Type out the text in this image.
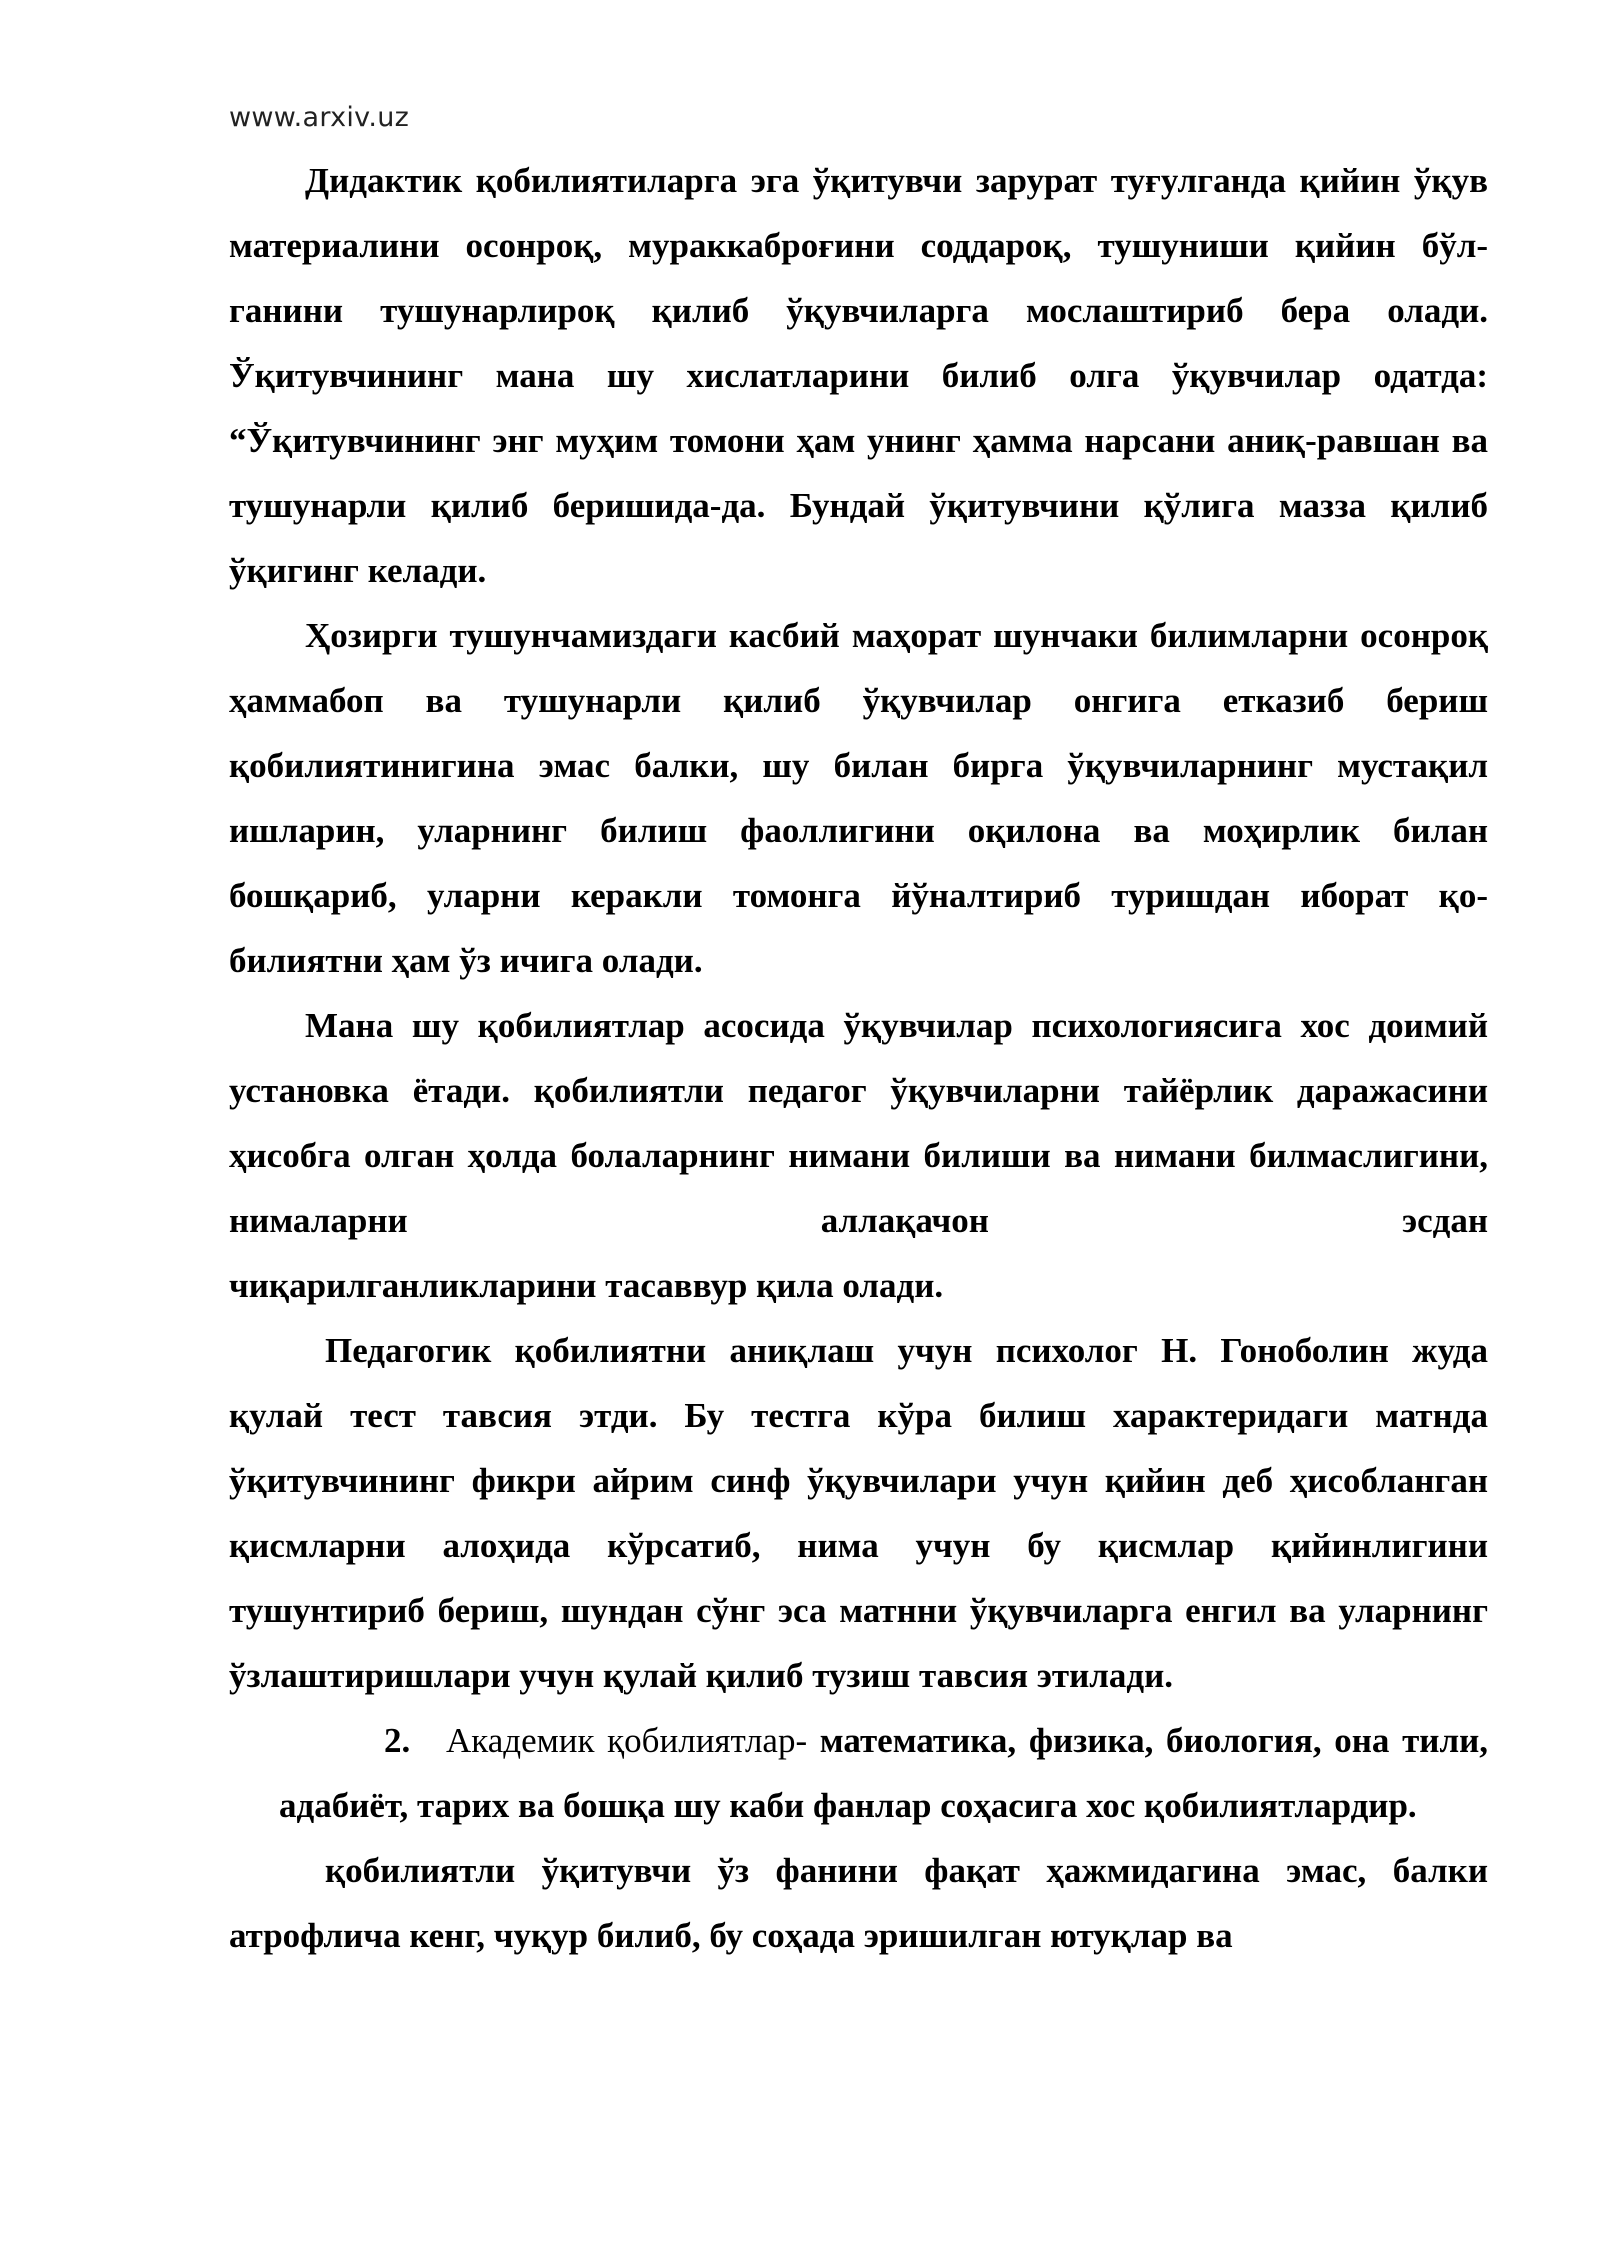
www.arxiv.uz

Дидактик қобилиятиларга эга ўқитувчи зарурат туғулганда қийин ўқув материалини осонроқ, мураккаброғини соддароқ, тушуниши қийин бўл-ганини тушунарлироқ қилиб ўқувчиларга мослаштириб бера олади. Ўқитувчининг мана шу хислатларини билиб олга ўқувчилар одатда: “Ўқитувчининг энг муҳим томони ҳам унинг ҳамма нарсани аниқ-равшан ва тушунарли қилиб беришида-да. Бундай ўқитувчини қўлига мазза қилиб ўқигинг келади.

Ҳозирги тушунчамиздаги касбий маҳорат шунчаки билимларни осонроқ ҳаммабоп ва тушунарли қилиб ўқувчилар онгига етказиб бериш қобилиятинигина эмас балки, шу билан бирга ўқувчиларнинг мустақил ишларин, уларнинг билиш фаоллигини оқилона ва моҳирлик билан бошқариб, уларни керакли томонга йўналтириб туришдан иборат қо-билиятни ҳам ўз ичига олади.

Мана шу қобилиятлар асосида ўқувчилар психологиясига хос доимий установка ётади. қобилиятли педагог ўқувчиларни тайёрлик даражасини ҳисобга олган ҳолда болаларнинг нимани билиши ва нимани билмаслигини, нималарни аллақачон эсдан

чиқарилганликларини тасаввур қила олади.

Педагогик қобилиятни аниқлаш учун психолог Н. Гоноболин жуда қулай тест тавсия этди. Бу тестга кўра билиш характеридаги матнда ўқитувчининг фикри айрим синф ўқувчилари учун қийин деб ҳисобланган қисмларни алоҳида кўрсатиб, нима учун бу қисмлар қийинлигини тушунтириб бериш, шундан сўнг эса матнни ўқувчиларга енгил ва уларнинг ўзлаштиришлари учун қулай қилиб тузиш тавсия этилади.

2. Академик қобилиятлар- математика, физика, биология, она тили, адабиёт, тарих ва бошқа шу каби фанлар соҳасига хос қобилиятлардир.

қобилиятли ўқитувчи ўз фанини фақат ҳажмидагина эмас, балки атрофлича кенг, чуқур билиб, бу соҳада эришилган ютуқлар ва
